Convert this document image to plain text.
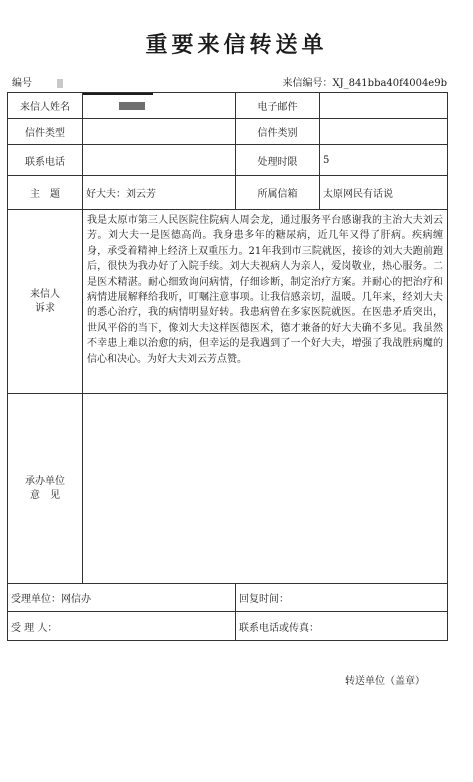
重要来信转送单
编号	来信编号：XJ_841bba40f4004e9b
来信人姓名		电子邮件	
信件类型		信件类别	
联系电话		处理时限	5
主　题	好大夫：刘云芳	所属信箱	太原网民有话说

来信人
诉求	我是太原市第三人民医院住院病人周会龙，通过服务平台感谢我的主治大夫刘云芳。刘大夫一是医德高尚。我身患多年的糖尿病，近几年又得了肝病。疾病缠身，承受着精神上经济上双重压力。21年我到市三院就医，接诊的刘大夫跑前跑后，很快为我办好了入院手续。刘大夫视病人为亲人，爱岗敬业，热心服务。二是医术精湛。耐心细致询问病情，仔细诊断，制定治疗方案。并耐心的把治疗和病情进展解释给我听，叮嘱注意事项。让我信感亲切，温暖。几年来，经刘大夫的悉心治疗，我的病情明显好转。我患病曾在多家医院就医。在医患矛盾突出，世风平俗的当下，像刘大夫这样医德医术，德才兼备的好大夫确不多见。我虽然不幸患上难以治愈的病，但幸运的是我遇到了一个好大夫，增强了我战胜病魔的信心和决心。为好大夫刘云芳点赞。		

承办单位
意　见			

受理单位：网信办		回复时间：	
受 理 人：		联系电话或传真：	
转送单位（盖章）
